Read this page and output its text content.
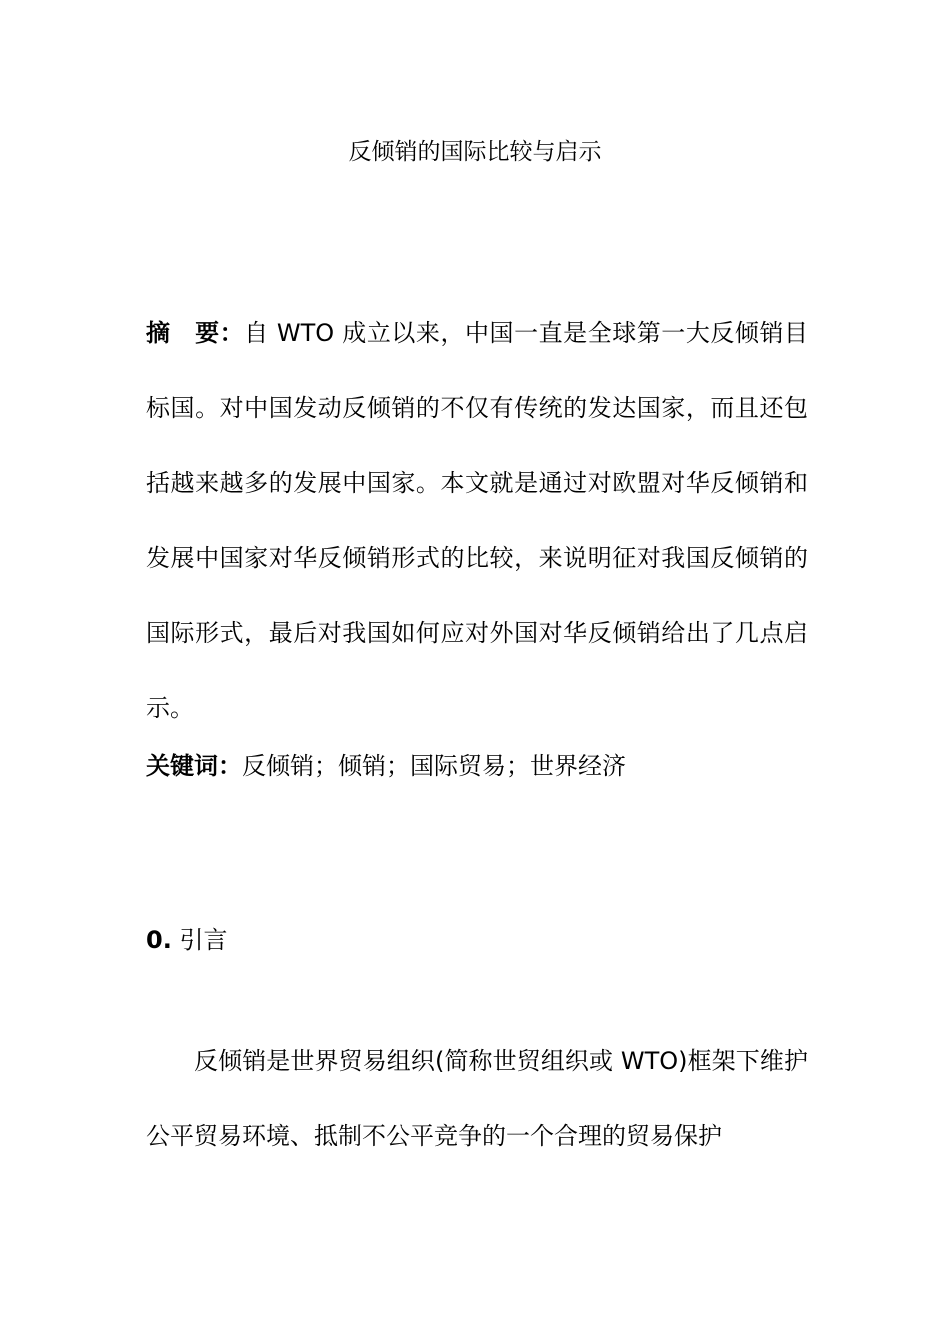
反倾销的国际比较与启示

摘　要：自 WTO 成立以来，中国一直是全球第一大反倾销目标国。对中国发动反倾销的不仅有传统的发达国家，而且还包括越来越多的发展中国家。本文就是通过对欧盟对华反倾销和发展中国家对华反倾销形式的比较，来说明征对我国反倾销的国际形式，最后对我国如何应对外国对华反倾销给出了几点启示。

关键词：反倾销；倾销；国际贸易；世界经济

0. 引言

反倾销是世界贸易组织(简称世贸组织或 WTO)框架下维护公平贸易环境、抵制不公平竞争的一个合理的贸易保护
